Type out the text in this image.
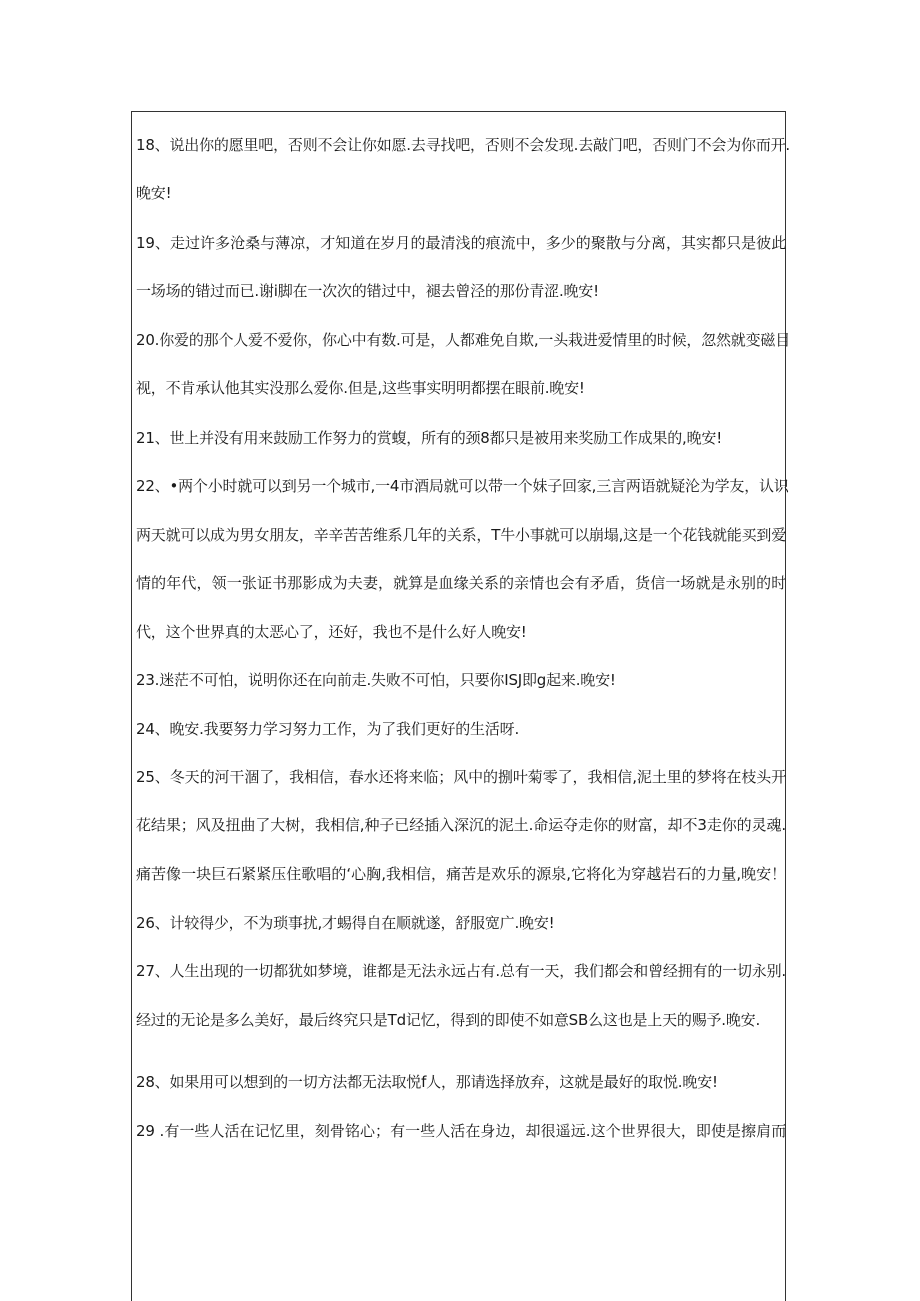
18、说出你的愿里吧，否则不会让你如愿.去寻找吧，否则不会发现.去敲门吧，否则门不会为你而开.
晚安!
19、走过许多沧桑与薄凉，才知道在岁月的最清浅的痕流中，多少的聚散与分离，其实都只是彼此
一场场的错过而已.谢i脚在一次次的错过中，褪去曾泾的那份青涩.晚安!
20.你爱的那个人爱不爱你，你心中有数.可是，人都难免自欺,一头栽进爱情里的时候，忽然就变磁目
视，不肯承认他其实没那么爱你.但是,这些事实明明都摆在眼前.晚安!
21、世上并没有用来鼓励工作努力的赏蝮，所有的颈8都只是被用来奖励工作成果的,晚安!
22、•两个小时就可以到另一个城市,一4市酒局就可以带一个妹子回家,三言两语就疑沦为学友，认识
两天就可以成为男女朋友，辛辛苦苦维系几年的关系，T牛小事就可以崩塌,这是一个花钱就能买到爱
情的年代，领一张证书那影成为夫妻，就算是血缘关系的亲情也会有矛盾，货信一场就是永别的时
代，这个世界真的太恶心了，还好，我也不是什么好人晚安!
23.迷茫不可怕，说明你还在向前走.失败不可怕，只要你ISJ即g起来.晚安!
24、晚安.我要努力学习努力工作，为了我们更好的生活呀.
25、冬天的河干涸了，我相信，春水还将来临；风中的捌叶菊零了，我相信,泥土里的梦将在枝头开
花结果；风及扭曲了大树，我相信,种子已经插入深沉的泥土.命运夺走你的财富，却不3走你的灵魂.
痛苦像一块巨石紧紧压住歌唱的‘心胸,我相信，痛苦是欢乐的源泉,它将化为穿越岩石的力量,晚安！
26、计较得少，不为琐事扰,才蜴得自在顺就遂，舒服宽广.晚安!
27、人生出现的一切都犹如梦境，谁都是无法永远占有.总有一天，我们都会和曾经拥有的一切永别.
经过的无论是多么美好，最后终究只是Td记忆，得到的即使不如意SB么这也是上天的赐予.晚安.
28、如果用可以想到的一切方法都无法取悦f人，那请选择放弃，这就是最好的取悦.晚安!
29 .有一些人活在记忆里，刻骨铭心；有一些人活在身边，却很遥远.这个世界很大，即使是擦肩而
